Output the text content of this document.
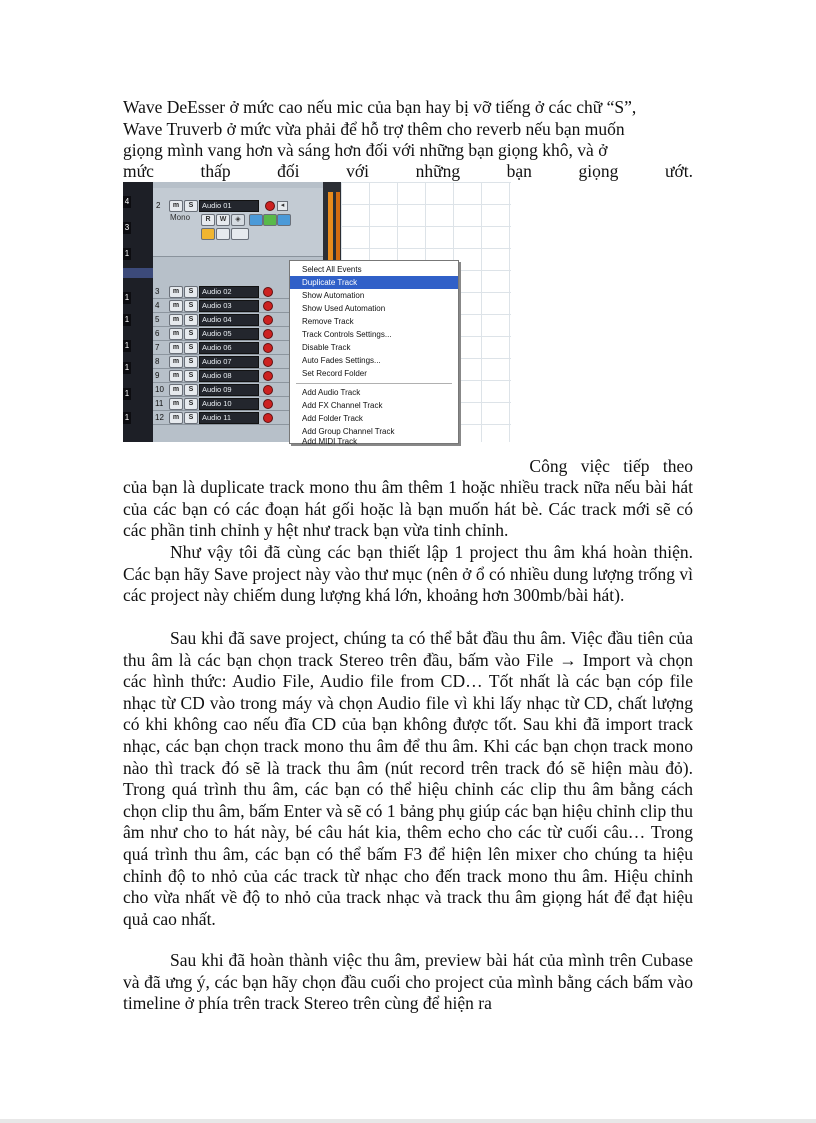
Wave DeEsser ở mức cao nếu mic của bạn hay bị vỡ tiếng ở các chữ “S”,
Wave Truverb ở mức vừa phải để hỗ trợ thêm cho reverb nếu bạn muốn
giọng mình vang hơn và sáng hơn đối với những bạn giọng khô, và ở

mức	thấp	đối	với	những	bạn	giọng	ướt.
4
3
1
1
1
1
1
1
1
2	m	S	Audio 01	◂
Mono	R	W	◈
3	m	S	Audio 02
4	m	S	Audio 03
5	m	S	Audio 04
6	m	S	Audio 05
7	m	S	Audio 06
8	m	S	Audio 07
9	m	S	Audio 08
10	m	S	Audio 09
11	m	S	Audio 10
12	m	S	Audio 11
Select All Events
Duplicate Track
Show Automation
Show Used Automation
Remove Track
Track Controls Settings...
Disable Track
Auto Fades Settings...
Set Record Folder
Add Audio Track
Add FX Channel Track
Add Folder Track
Add Group Channel Track
Add MIDI Track
Công việc tiếp theo

của bạn là duplicate track mono thu âm thêm 1 hoặc nhiều track nữa nếu bài hát của các bạn có các đoạn hát gối hoặc là bạn muốn hát bè. Các track mới sẽ có các phần tinh chỉnh y hệt như track bạn vừa tinh chỉnh.

Như vậy tôi đã cùng các bạn thiết lập 1 project thu âm khá hoàn thiện. Các bạn hãy Save project này vào thư mục (nên ở ổ có nhiều dung lượng trống vì các project này chiếm dung lượng khá lớn, khoảng hơn 300mb/bài hát).

Sau khi đã save project, chúng ta có thể bắt đầu thu âm. Việc đầu tiên của thu âm là các bạn chọn track Stereo trên đầu, bấm vào File → Import và chọn các hình thức: Audio File, Audio file from CD… Tốt nhất là các bạn cóp file nhạc từ CD vào trong máy và chọn Audio file vì khi lấy nhạc từ CD, chất lượng có khi không cao nếu đĩa CD của bạn không được tốt. Sau khi đã import track nhạc, các bạn chọn track mono thu âm để thu âm. Khi các bạn chọn track mono nào thì track đó sẽ là track thu âm (nút record trên track đó sẽ hiện màu đỏ). Trong quá trình thu âm, các bạn có thể hiệu chỉnh các clip thu âm bằng cách chọn clip thu âm, bấm Enter và sẽ có 1 bảng phụ giúp các bạn hiệu chỉnh clip thu âm như cho to hát này, bé câu hát kia, thêm echo cho các từ cuối câu… Trong quá trình thu âm, các bạn có thể bấm F3 để hiện lên mixer cho chúng ta hiệu chỉnh độ to nhỏ của các track từ nhạc cho đến track mono thu âm. Hiệu chỉnh cho vừa nhất về độ to nhỏ của track nhạc và track thu âm giọng hát để đạt hiệu quả cao nhất.

Sau khi đã hoàn thành việc thu âm, preview bài hát của mình trên Cubase và đã ưng ý, các bạn hãy chọn đầu cuối cho project của mình bằng cách bấm vào timeline ở phía trên track Stereo trên cùng để hiện ra
